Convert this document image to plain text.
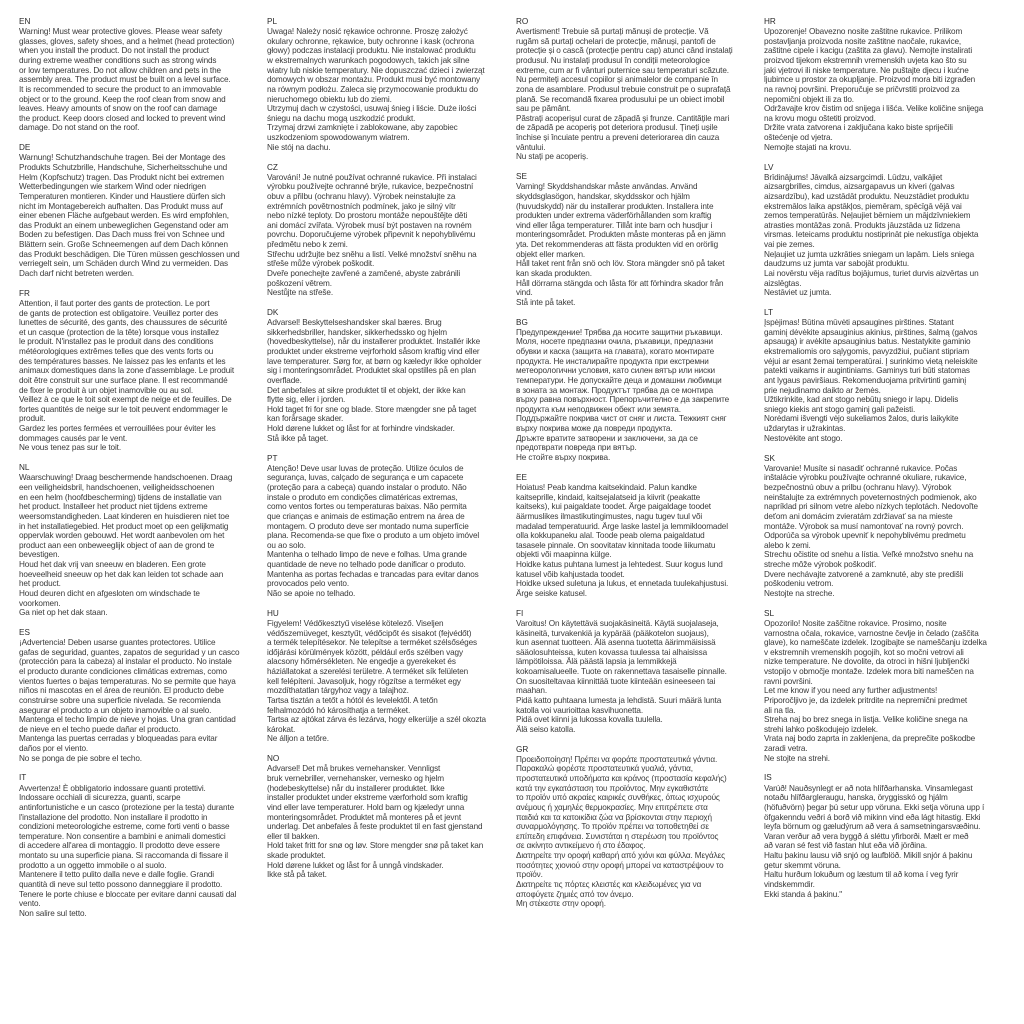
EN
Warning! Must wear protective gloves. Please wear safety
glasses, gloves, safety shoes, and a helmet (head protection)
when you install the product. Do not install the product
during extreme weather conditions such as strong winds
or low temperatures. Do not allow children and pets in the
assembly area. The product must be built on a level surface.
It is recommended to secure the product to an immovable
object or to the ground. Keep the roof clean from snow and
leaves. Heavy amounts of snow on the roof can damage
the product. Keep doors closed and locked to prevent wind
damage. Do not stand on the roof.
DE
Warnung! Schutzhandschuhe tragen. Bei der Montage des
Produkts Schutzbrille, Handschuhe, Sicherheitsschuhe und
Helm (Kopfschutz) tragen. Das Produkt nicht bei extremen
Wetterbedingungen wie starkem Wind oder niedrigen
Temperaturen montieren. Kinder und Haustiere dürfen sich
nicht im Montagebereich aufhalten. Das Produkt muss auf
einer ebenen Fläche aufgebaut werden. Es wird empfohlen,
das Produkt an einem unbeweglichen Gegenstand oder am
Boden zu befestigen. Das Dach muss frei von Schnee und
Blättern sein. Große Schneemengen auf dem Dach können
das Produkt beschädigen. Die Türen müssen geschlossen und
verriegelt sein, um Schäden durch Wind zu vermeiden. Das
Dach darf nicht betreten werden.
FR
Attention, il faut porter des gants de protection. Le port
de gants de protection est obligatoire. Veuillez porter des
lunettes de sécurité, des gants, des chaussures de sécurité
et un casque (protection de la tête) lorsque vous installez
le produit. N'installez pas le produit dans des conditions
météorologiques extrêmes telles que des vents forts ou
des températures basses. Ne laissez pas les enfants et les
animaux domestiques dans la zone d'assemblage. Le produit
doit être construit sur une surface plane. Il est recommandé
de fixer le produit à un objet inamovible ou au sol.
Veillez à ce que le toit soit exempt de neige et de feuilles. De
fortes quantités de neige sur le toit peuvent endommager le
produit.
Gardez les portes fermées et verrouillées pour éviter les
dommages causés par le vent.
Ne vous tenez pas sur le toit.
NL
Waarschuwing! Draag beschermende handschoenen. Draag
een veiligheidsbril, handschoenen, veiligheidsschoenen
en een helm (hoofdbescherming) tijdens de installatie van
het product. Installeer het product niet tijdens extreme
weersomstandigheden. Laat kinderen en huisdieren niet toe
in het installatiegebied. Het product moet op een gelijkmatig
oppervlak worden gebouwd. Het wordt aanbevolen om het
product aan een onbeweeglijk object of aan de grond te
bevestigen.
Houd het dak vrij van sneeuw en bladeren. Een grote
hoeveelheid sneeuw op het dak kan leiden tot schade aan
het product.
Houd deuren dicht en afgesloten om windschade te
voorkomen.
Ga niet op het dak staan.
ES
¡Advertencia! Deben usarse guantes protectores. Utilice
gafas de seguridad, guantes, zapatos de seguridad y un casco
(protección para la cabeza) al instalar el producto. No instale
el producto durante condiciones climáticas extremas, como
vientos fuertes o bajas temperaturas. No se permite que haya
niños ni mascotas en el área de reunión. El producto debe
construirse sobre una superficie nivelada. Se recomienda
asegurar el producto a un objeto inamovible o al suelo.
Mantenga el techo limpio de nieve y hojas. Una gran cantidad
de nieve en el techo puede dañar el producto.
Mantenga las puertas cerradas y bloqueadas para evitar
daños por el viento.
No se ponga de pie sobre el techo.
IT
Avvertenza! È obbligatorio indossare guanti protettivi.
Indossare occhiali di sicurezza, guanti, scarpe
antinfortunistiche e un casco (protezione per la testa) durante
l'installazione del prodotto. Non installare il prodotto in
condizioni meteorologiche estreme, come forti venti o basse
temperature. Non consentire a bambini e animali domestici
di accedere all'area di montaggio. Il prodotto deve essere
montato su una superficie piana. Si raccomanda di fissare il
prodotto a un oggetto immobile o al suolo.
Mantenere il tetto pulito dalla neve e dalle foglie. Grandi
quantità di neve sul tetto possono danneggiare il prodotto.
Tenere le porte chiuse e bloccate per evitare danni causati dal
vento.
Non salire sul tetto.
PL
Uwaga! Należy nosić rękawice ochronne. Proszę założyć
okulary ochronne, rękawice, buty ochronne i kask (ochrona
głowy) podczas instalacji produktu. Nie instalować produktu
w ekstremalnych warunkach pogodowych, takich jak silne
wiatry lub niskie temperatury. Nie dopuszczać dzieci i zwierząt
domowych w obszar montażu. Produkt musi być montowany
na równym podłożu. Zaleca się przymocowanie produktu do
nieruchomego obiektu lub do ziemi.
Utrzymuj dach w czystości, usuwaj śnieg i liście. Duże ilości
śniegu na dachu mogą uszkodzić produkt.
Trzymaj drzwi zamknięte i zablokowane, aby zapobiec
uszkodzeniom spowodowanym wiatrem.
Nie stój na dachu.
CZ
Varování! Je nutné používat ochranné rukavice. Při instalaci
výrobku používejte ochranné brýle, rukavice, bezpečnostní
obuv a přilbu (ochranu hlavy). Výrobek neinstalujte za
extrémních povětrnostních podmínek, jako je silný vítr
nebo nízké teploty. Do prostoru montáže nepouštějte děti
ani domácí zvířata. Výrobek musí být postaven na rovném
povrchu. Doporučujeme výrobek připevnit k nepohyblivému
předmětu nebo k zemi.
Střechu udržujte bez sněhu a listí. Velké množství sněhu na
střeše může výrobek poškodit.
Dveře ponechejte zavřené a zamčené, abyste zabránili
poškození větrem.
Nestůjte na střeše.
DK
Advarsel! Beskyttelseshandsker skal bæres. Brug
sikkerhedsbriller, handsker, sikkerhedssko og hjelm
(hovedbeskyttelse), når du installerer produktet. Installér ikke
produktet under ekstreme vejrforhold såsom kraftig vind eller
lave temperaturer. Sørg for, at børn og kæledyr ikke opholder
sig i monteringsområdet. Produktet skal opstilles på en plan
overflade.
Det anbefales at sikre produktet til et objekt, der ikke kan
flytte sig, eller i jorden.
Hold taget fri for sne og blade. Store mængder sne på taget
kan forårsage skader.
Hold dørene lukket og låst for at forhindre vindskader.
Stå ikke på taget.
PT
Atenção! Deve usar luvas de proteção. Utilize óculos de
segurança, luvas, calçado de segurança e um capacete
(proteção para a cabeça) quando instalar o produto. Não
instale o produto em condições climatéricas extremas,
como ventos fortes ou temperaturas baixas. Não permita
que crianças e animais de estimação entrem na área de
montagem. O produto deve ser montado numa superfície
plana. Recomenda-se que fixe o produto a um objeto imóvel
ou ao solo.
Mantenha o telhado limpo de neve e folhas. Uma grande
quantidade de neve no telhado pode danificar o produto.
Mantenha as portas fechadas e trancadas para evitar danos
provocados pelo vento.
Não se apoie no telhado.
HU
Figyelem! Védőkesztyű viselése kötelező. Viseljen
védőszemüveget, kesztyűt, védőcipőt és sisakot (fejvédőt)
a termék telepítésekor. Ne telepítse a terméket szélsőséges
időjárási körülmények között, például erős szélben vagy
alacsony hőmérsékleten. Ne engedje a gyerekeket és
háziállatokat a szerelési területre. A terméket sík felületen
kell felépíteni. Javasoljuk, hogy rögzítse a terméket egy
mozdíthatatlan tárgyhoz vagy a talajhoz.
Tartsa tisztán a tetőt a hótól és levelektől. A tetőn
felhalmozódó hó károsíthatja a terméket.
Tartsa az ajtókat zárva és lezárva, hogy elkerülje a szél okozta
károkat.
Ne álljon a tetőre.
NO
Advarsel! Det må brukes vernehansker. Vennligst
bruk vernebriller, vernehansker, vernesko og hjelm
(hodebeskyttelse) når du installerer produktet. Ikke
installer produktet under ekstreme værforhold som kraftig
vind eller lave temperaturer. Hold barn og kjæledyr unna
monteringsområdet. Produktet må monteres på et jevnt
underlag. Det anbefales å feste produktet til en fast gjenstand
eller til bakken.
Hold taket fritt for snø og løv. Store mengder snø på taket kan
skade produktet.
Hold dørene lukket og låst for å unngå vindskader.
Ikke stå på taket.
RO
Avertisment! Trebuie să purtați mănuși de protecție. Vă
rugăm să purtați ochelari de protecție, mănuși, pantofi de
protecție și o cască (protecție pentru cap) atunci când instalați
produsul. Nu instalați produsul în condiții meteorologice
extreme, cum ar fi vânturi puternice sau temperaturi scăzute.
Nu permiteți accesul copiilor și animalelor de companie în
zona de asamblare. Produsul trebuie construit pe o suprafață
plană. Se recomandă fixarea produsului pe un obiect imobil
sau pe pământ.
Păstrați acoperișul curat de zăpadă și frunze. Cantitățile mari
de zăpadă pe acoperiș pot deteriora produsul. Țineți ușile
închise și încuiate pentru a preveni deteriorarea din cauza
vântului.
Nu stați pe acoperiș.
SE
Varning! Skyddshandskar måste användas. Använd
skyddsglasögon, handskar, skyddsskor och hjälm
(huvudskydd) när du installerar produkten. Installera inte
produkten under extrema väderförhållanden som kraftig
vind eller låga temperaturer. Tillåt inte barn och husdjur i
monteringsområdet. Produkten måste monteras på en jämn
yta. Det rekommenderas att fästa produkten vid en orörlig
objekt eller marken.
Håll taket rent från snö och löv. Stora mängder snö på taket
kan skada produkten.
Håll dörrarna stängda och låsta för att förhindra skador från
vind.
Stå inte på taket.
BG
Предупреждение! Трябва да носите защитни ръкавици.
Моля, носете предпазни очила, ръкавици, предпазни
обувки и каска (защита на главата), когато монтирате
продукта. Не инсталирайте продукта при екстремни
метеорологични условия, като силен вятър или ниски
температури. Не допускайте деца и домашни любимци
в зоната за монтаж. Продуктът трябва да се монтира
върху равна повърхност. Препоръчително е да закрепите
продукта към неподвижен обект или земята.
Поддържайте покрива чист от сняг и листа. Тежкият сняг
върху покрива може да повреди продукта.
Дръжте вратите затворени и заключени, за да се
предотврати повреда при вятър.
Не стойте върху покрива.
EE
Hoiatus! Peab kandma kaitsekindaid. Palun kandke
kaitseprille, kindaid, kaitsejalatseid ja kiivrit (peakatte
kaitseks), kui paigaldate toodet. Ärge paigaldage toodet
äärmuslikes ilmastikutingimustes, nagu tugev tuul või
madalad temperatuurid. Ärge laske lastel ja lemmikloomadel
olla kokkupaneku alal. Toode peab olema paigaldatud
tasasele pinnale. On soovitatav kinnitada toode liikumatu
objekti või maapinna külge.
Hoidke katus puhtana lumest ja lehtedest. Suur kogus lund
katusel võib kahjustada toodet.
Hoidke uksed suletuna ja lukus, et ennetada tuulekahjustusi.
Ärge seiske katusel.
FI
Varoitus! On käytettävä suojakäsineitä. Käytä suojalaseja,
käsineitä, turvakenkiä ja kypärää (pääkotelon suojaus),
kun asennat tuotteen. Älä asenna tuotetta äärimmäisissä
sääolosuhteissa, kuten kovassa tuulessa tai alhaisissa
lämpötiloissa. Älä päästä lapsia ja lemmikkejä
kokoamisalueelle. Tuote on rakennettava tasaiselle pinnalle.
On suositeltavaa kiinnittää tuote kiinteään esineeseen tai
maahan.
Pidä katto puhtaana lumesta ja lehdistä. Suuri määrä lunta
katolla voi vaurioittaa kasvihuonetta.
Pidä ovet kiinni ja lukossa kovalla tuulella.
Älä seiso katolla.
GR
Προειδοποίηση! Πρέπει να φοράτε προστατευτικά γάντια.
Παρακαλώ φορέστε προστατευτικά γυαλιά, γάντια,
προστατευτικά υποδήματα και κράνος (προστασία κεφαλής)
κατά την εγκατάσταση του προϊόντος. Μην εγκαθιστάτε
το προϊόν υπό ακραίες καιρικές συνθήκες, όπως ισχυρούς
ανέμους ή χαμηλές θερμοκρασίες. Μην επιτρέπετε στα
παιδιά και τα κατοικίδια ζώα να βρίσκονται στην περιοχή
συναρμολόγησης. Το προϊόν πρέπει να τοποθετηθεί σε
επίπεδη επιφάνεια. Συνιστάται η στερέωση του προϊόντος
σε ακίνητο αντικείμενο ή στο έδαφος.
Διατηρείτε την οροφή καθαρή από χιόνι και φύλλα. Μεγάλες
ποσότητες χιονιού στην οροφή μπορεί να καταστρέψουν το
προϊόν.
Διατηρείτε τις πόρτες κλειστές και κλειδωμένες για να
αποφύγετε ζημιές από τον άνεμο.
Μη στέκεστε στην οροφή.
HR
Upozorenje! Obavezno nosite zaštitne rukavice. Prilikom
postavljanja proizvoda nosite zaštitne naočale, rukavice,
zaštitne cipele i kacigu (zaštita za glavu). Nemojte instalirati
proizvod tijekom ekstremnih vremenskih uvjeta kao što su
jaki vjetrovi ili niske temperature. Ne puštajte djecu i kućne
ljubimce u prostor za okupljanje. Proizvod mora biti izgrađen
na ravnoj površini. Preporučuje se pričvrstiti proizvod za
nepomični objekt ili za tlo.
Održavajte krov čistim od snijega i lišća. Velike količine snijega
na krovu mogu oštetiti proizvod.
Držite vrata zatvorena i zaključana kako biste spriječili
oštećenje od vjetra.
Nemojte stajati na krovu.
LV
Brīdinājums! Jāvalkā aizsargcimdi. Lūdzu, valkājiet
aizsargbrilles, cimdus, aizsargapavus un kiveri (galvas
aizsardzību), kad uzstādāt produktu. Neuzstādiet produktu
ekstremālos laika apstākļos, piemēram, spēcīgā vējā vai
zemos temperatūrās. Neļaujiet bērniem un mājdzīvniekiem
atrasties montāžas zonā. Produkts jāuzstāda uz līdzena
virsmas. Ieteicams produktu nostiprināt pie nekustīga objekta
vai pie zemes.
Neļaujiet uz jumta uzkrāties sniegam un lapām. Liels sniega
daudzums uz jumta var sabojāt produktu.
Lai novērstu vēja radītus bojājumus, turiet durvis aizvērtas un
aizslēgtas.
Nestāviet uz jumta.
LT
Įspėjimas! Būtina mūvėti apsaugines pirštines. Statant
gaminį dėvėkite apsauginius akinius, pirštines, šalmą (galvos
apsaugą) ir avėkite apsauginius batus. Nestatykite gaminio
ekstremaliomis oro sąlygomis, pavyzdžiui, pučiant stipriam
vėjui ar esant žemai temperatūrai. Į surinkimo vietą neleiskite
patekti vaikams ir augintiniams. Gaminys turi būti statomas
ant lygaus paviršiaus. Rekomenduojama pritvirtinti gaminį
prie nejudinamo daikto ar žemės.
Užtikrinkite, kad ant stogo nebūtų sniego ir lapų. Didelis
sniego kiekis ant stogo gaminį gali pažeisti.
Norėdami išvengti vėjo sukeliamos žalos, duris laikykite
uždarytas ir užrakintas.
Nestovėkite ant stogo.
SK
Varovanie! Musíte si nasadiť ochranné rukavice. Počas
inštalácie výrobku používajte ochranné okuliare, rukavice,
bezpečnostnú obuv a prilbu (ochranu hlavy). Výrobok
neinštalujte za extrémnych poveternostných podmienok, ako
napríklad pri silnom vetre alebo nízkych teplotách. Nedovoľte
deťom ani domácim zvieratám zdržiavať sa na mieste
montáže. Výrobok sa musí namontovať na rovný povrch.
Odporúča sa výrobok upevniť k nepohyblivému predmetu
alebo k zemi.
Strechu očistite od snehu a lístia. Veľké množstvo snehu na
streche môže výrobok poškodiť.
Dvere nechávajte zatvorené a zamknuté, aby ste predišli
poškodeniu vetrom.
Nestojte na streche.
SL
Opozorilo! Nosite zaščitne rokavice. Prosimo, nosite
varnostna očala, rokavice, varnostne čevlje in čelado (zaščita
glave), ko nameščate izdelek. Izogibajte se nameščanju izdelka
v ekstremnih vremenskih pogojih, kot so močni vetrovi ali
nizke temperature. Ne dovolite, da otroci in hišni ljubljenčki
vstopijo v območje montaže. Izdelek mora biti nameščen na
ravni površini.
Let me know if you need any further adjustments!
Priporočljivo je, da izdelek pritrdite na nepremični predmet
ali na tla.
Streha naj bo brez snega in listja. Velike količine snega na
strehi lahko poškodujejo izdelek.
Vrata naj bodo zaprta in zaklenjena, da preprečite poškodbe
zaradi vetra.
Ne stojte na strehi.
IS
Varúð! Nauðsynlegt er að nota hlífðarhanska. Vinsamlegast
notaðu hlífðargleraugu, hanska, öryggisskó og hjálm
(höfuðvörn) þegar þú setur upp vöruna. Ekki setja vöruna upp í
öfgakenndu veðri á borð við mikinn vind eða lágt hitastig. Ekki
leyfa börnum og gæludýrum að vera á samsetningarsvæðinu.
Varan verður að vera byggð á sléttu yfirborði. Mælt er með
að varan sé fest við fastan hlut eða við jörðina.
Haltu þakinu lausu við snjó og laufblöð. Mikill snjór á þakinu
getur skemmt vöruna.
Haltu hurðum lokuðum og læstum til að koma í veg fyrir
vindskemmdir.
Ekki standa á þakinu."
